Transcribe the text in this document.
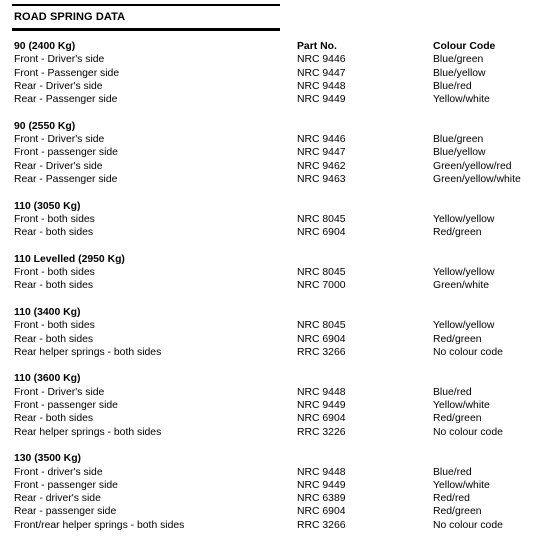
ROAD SPRING DATA
90 (2400 Kg)	Part No.	Colour Code
Front - Driver's side	NRC 9446	Blue/green
Front - Passenger side	NRC 9447	Blue/yellow
Rear - Driver's side	NRC 9448	Blue/red
Rear - Passenger side	NRC 9449	Yellow/white
90 (2550 Kg)
Front - Driver's side	NRC 9446	Blue/green
Front - passenger side	NRC 9447	Blue/yellow
Rear - Driver's side	NRC 9462	Green/yellow/red
Rear - Passenger side	NRC 9463	Green/yellow/white
110 (3050 Kg)
Front - both sides	NRC 8045	Yellow/yellow
Rear - both sides	NRC 6904	Red/green
110 Levelled (2950 Kg)
Front - both sides	NRC 8045	Yellow/yellow
Rear - both sides	NRC 7000	Green/white
110 (3400 Kg)
Front - both sides	NRC 8045	Yellow/yellow
Rear - both sides	NRC 6904	Red/green
Rear helper springs - both sides	RRC 3266	No colour code
110 (3600 Kg)
Front - Driver's side	NRC 9448	Blue/red
Front - passenger side	NRC 9449	Yellow/white
Rear - both sides	NRC 6904	Red/green
Rear helper springs - both sides	RRC 3226	No colour code
130 (3500 Kg)
Front - driver's side	NRC 9448	Blue/red
Front - passenger side	NRC 9449	Yellow/white
Rear - driver's side	NRC 6389	Red/red
Rear - passenger side	NRC 6904	Red/green
Front/rear helper springs - both sides	RRC 3266	No colour code
